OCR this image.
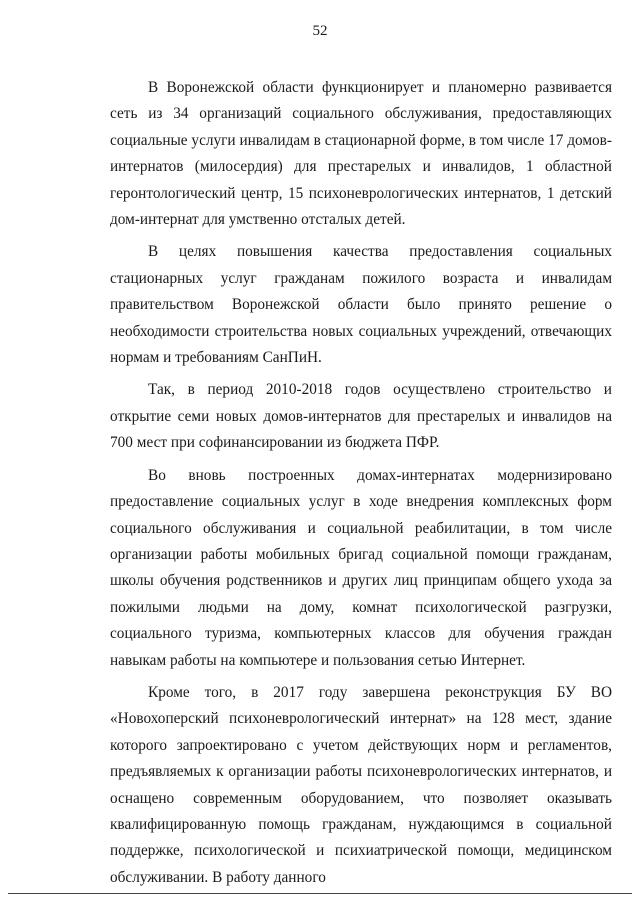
52

В Воронежской области функционирует и планомерно развивается сеть из 34 организаций социального обслуживания, предоставляющих социальные услуги инвалидам в стационарной форме, в том числе 17 домов-интернатов (милосердия) для престарелых и инвалидов, 1 областной геронтологический центр, 15 психоневрологических интернатов, 1 детский дом-интернат для умственно отсталых детей.

В целях повышения качества предоставления социальных стационарных услуг гражданам пожилого возраста и инвалидам правительством Воронежской области было принято решение о необходимости строительства новых социальных учреждений, отвечающих нормам и требованиям СанПиН.

Так, в период 2010-2018 годов осуществлено строительство и открытие семи новых домов-интернатов для престарелых и инвалидов на 700 мест при софинансировании из бюджета ПФР.

Во вновь построенных домах-интернатах модернизировано предоставление социальных услуг в ходе внедрения комплексных форм социального обслуживания и социальной реабилитации, в том числе организации работы мобильных бригад социальной помощи гражданам, школы обучения родственников и других лиц принципам общего ухода за пожилыми людьми на дому, комнат психологической разгрузки, социального туризма, компьютерных классов для обучения граждан навыкам работы на компьютере и пользования сетью Интернет.

Кроме того, в 2017 году завершена реконструкция БУ ВО «Новохоперский психоневрологический интернат» на 128 мест, здание которого запроектировано с учетом действующих норм и регламентов, предъявляемых к организации работы психоневрологических интернатов, и оснащено современным оборудованием, что позволяет оказывать квалифицированную помощь гражданам, нуждающимся в социальной поддержке, психологической и психиатрической помощи, медицинском обслуживании. В работу данного
